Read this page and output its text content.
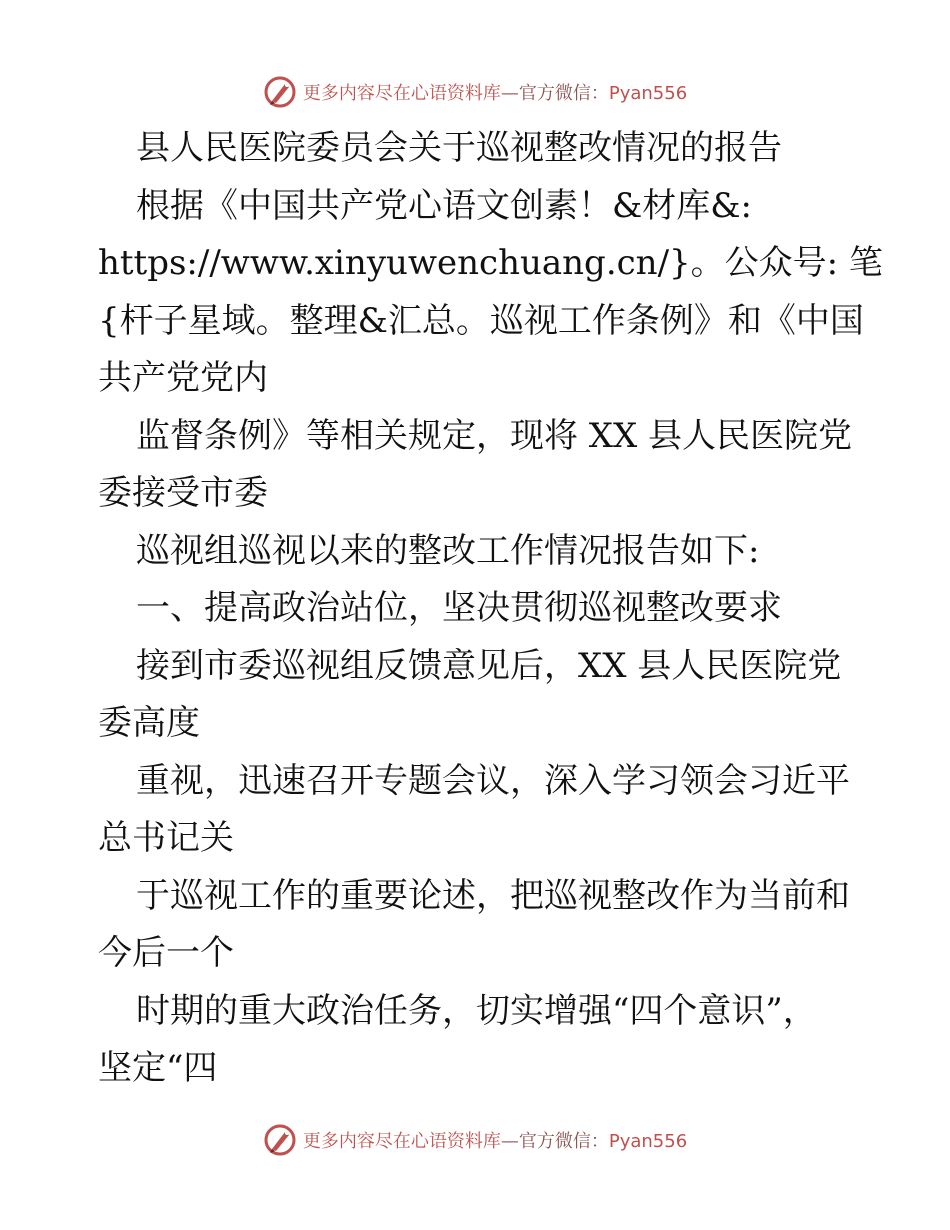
更多内容尽在心语资料库—官方微信：Pyan556
县人民医院委员会关于巡视整改情况的报告
根据《中国共产党心语文创素！&材库&:
https://www.xinyuwenchuang.cn/}。公众号: 笔
{杆子星域。整理&汇总。巡视工作条例》和《中国
共产党党内
监督条例》等相关规定，现将 XX 县人民医院党
委接受市委
巡视组巡视以来的整改工作情况报告如下:
一、提高政治站位，坚决贯彻巡视整改要求
接到市委巡视组反馈意见后，XX 县人民医院党
委高度
重视，迅速召开专题会议，深入学习领会习近平
总书记关
于巡视工作的重要论述，把巡视整改作为当前和
今后一个
时期的重大政治任务，切实增强“四个意识”，
坚定“四
更多内容尽在心语资料库—官方微信：Pyan556
